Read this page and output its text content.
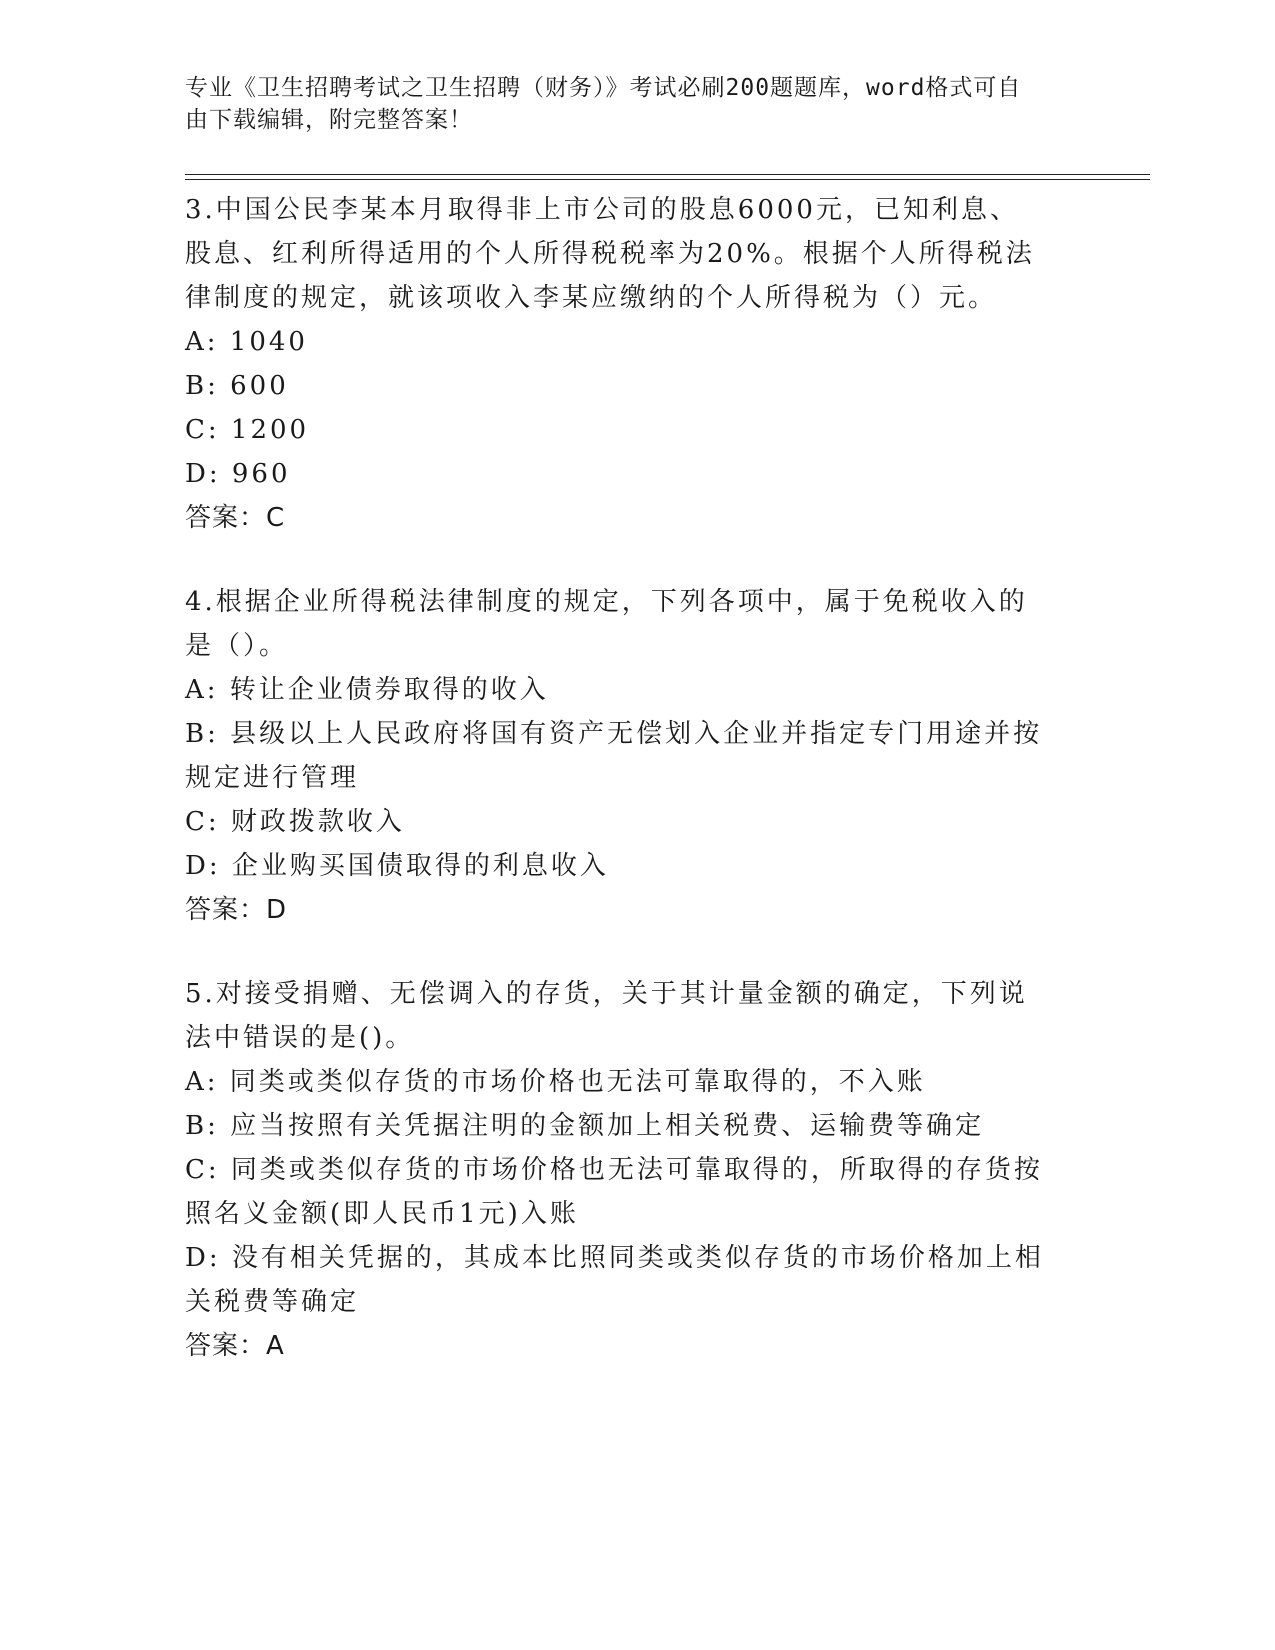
专业《卫生招聘考试之卫生招聘（财务）》考试必刷200题题库，word格式可自由下载编辑，附完整答案！

3.中国公民李某本月取得非上市公司的股息6000元，已知利息、股息、红利所得适用的个人所得税税率为20%。根据个人所得税法律制度的规定，就该项收入李某应缴纳的个人所得税为（）元。

A: 1040

B: 600

C: 1200

D: 960

答案：C

4.根据企业所得税法律制度的规定，下列各项中，属于免税收入的是（）。

A: 转让企业债券取得的收入

B: 县级以上人民政府将国有资产无偿划入企业并指定专门用途并按规定进行管理

C: 财政拨款收入

D: 企业购买国债取得的利息收入

答案：D

5.对接受捐赠、无偿调入的存货，关于其计量金额的确定，下列说法中错误的是()。

A: 同类或类似存货的市场价格也无法可靠取得的，不入账

B: 应当按照有关凭据注明的金额加上相关税费、运输费等确定

C: 同类或类似存货的市场价格也无法可靠取得的，所取得的存货按照名义金额(即人民币1元)入账

D: 没有相关凭据的，其成本比照同类或类似存货的市场价格加上相关税费等确定

答案：A
